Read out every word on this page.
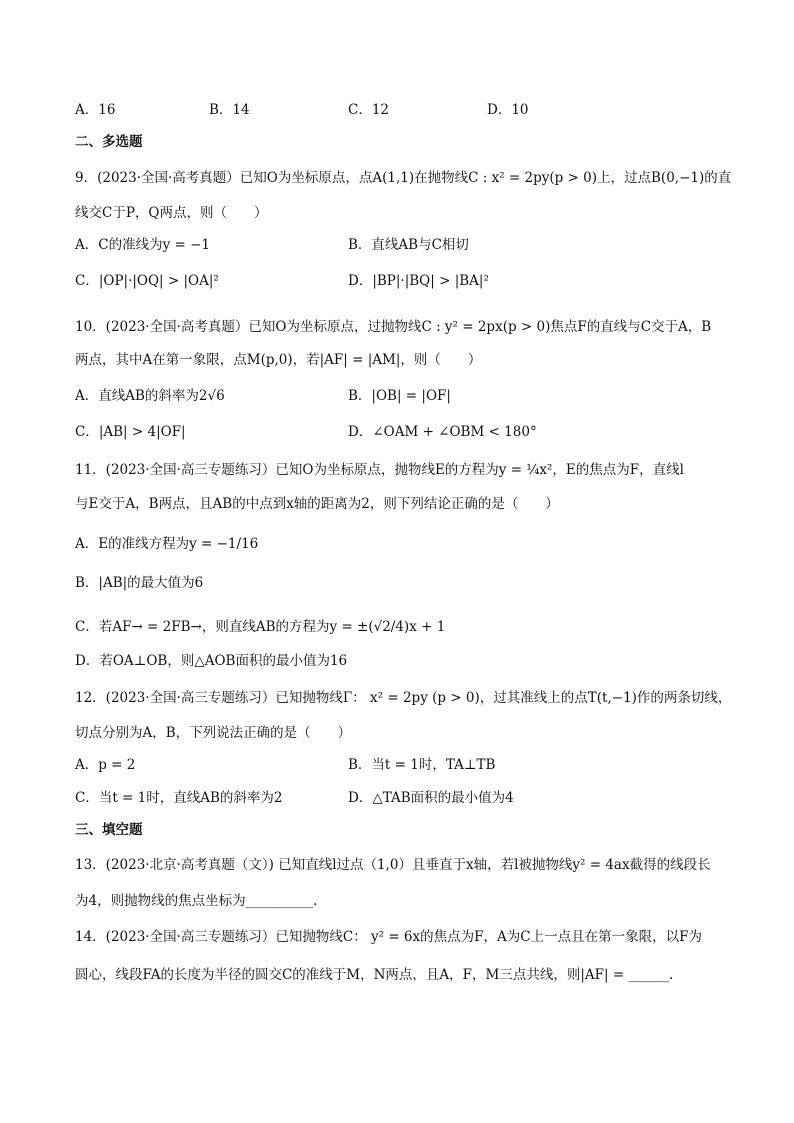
A．16	B．14	C．12	D．10
二、多选题
9．(2023·全国·高考真题）已知O为坐标原点，点A(1,1)在抛物线C : x² = 2py(p > 0)上，过点B(0,−1)的直
线交C于P，Q两点，则（　　）
A．C的准线为y = −1	B．直线AB与C相切
C．|OP|·|OQ| > |OA|²	D．|BP|·|BQ| > |BA|²
10．(2023·全国·高考真题）已知O为坐标原点，过抛物线C : y² = 2px(p > 0)焦点F的直线与C交于A，B
两点，其中A在第一象限，点M(p,0)，若|AF| = |AM|，则（　　）
A．直线AB的斜率为2√6	B．|OB| = |OF|
C．|AB| > 4|OF|	D．∠OAM + ∠OBM < 180°
11．(2023·全国·高三专题练习）已知O为坐标原点，抛物线E的方程为y = ¼x²，E的焦点为F，直线l
与E交于A，B两点，且AB的中点到x轴的距离为2，则下列结论正确的是（　　）
A．E的准线方程为y = −1/16
B．|AB|的最大值为6
C．若AF→ = 2FB→，则直线AB的方程为y = ±(√2/4)x + 1
D．若OA⊥OB，则△AOB面积的最小值为16
12．(2023·全国·高三专题练习）已知抛物线Γ： x² = 2py (p > 0)，过其准线上的点T(t,−1)作的两条切线，
切点分别为A，B，下列说法正确的是（　　）
A．p = 2	B．当t = 1时，TA⊥TB
C．当t = 1时，直线AB的斜率为2	D．△TAB面积的最小值为4
三、填空题
13．(2023·北京·高考真题（文）) 已知直线l过点（1,0）且垂直于x轴，若l被抛物线y² = 4ax截得的线段长
为4，则抛物线的焦点坐标为__________.
14．(2023·全国·高三专题练习）已知抛物线C： y² = 6x的焦点为F，A为C上一点且在第一象限，以F为
圆心，线段FA的长度为半径的圆交C的准线于M，N两点，且A，F，M三点共线，则|AF| = ______.
